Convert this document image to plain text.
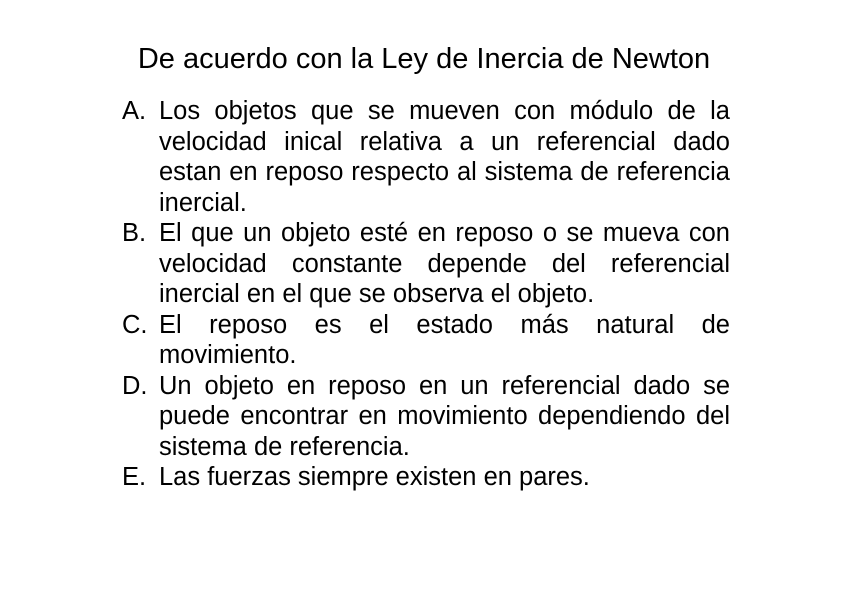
De acuerdo con la Ley de Inercia de Newton
A. Los objetos que se mueven con módulo de la velocidad inical relativa a un referencial dado estan en reposo respecto al sistema de referencia inercial.
B. El que un objeto esté en reposo o se mueva con velocidad constante depende del referencial inercial en el que se observa el objeto.
C. El reposo es el estado más natural de movimiento.
D. Un objeto en reposo en un referencial dado se puede encontrar en movimiento dependiendo del sistema de referencia.
E. Las fuerzas siempre existen en pares.
